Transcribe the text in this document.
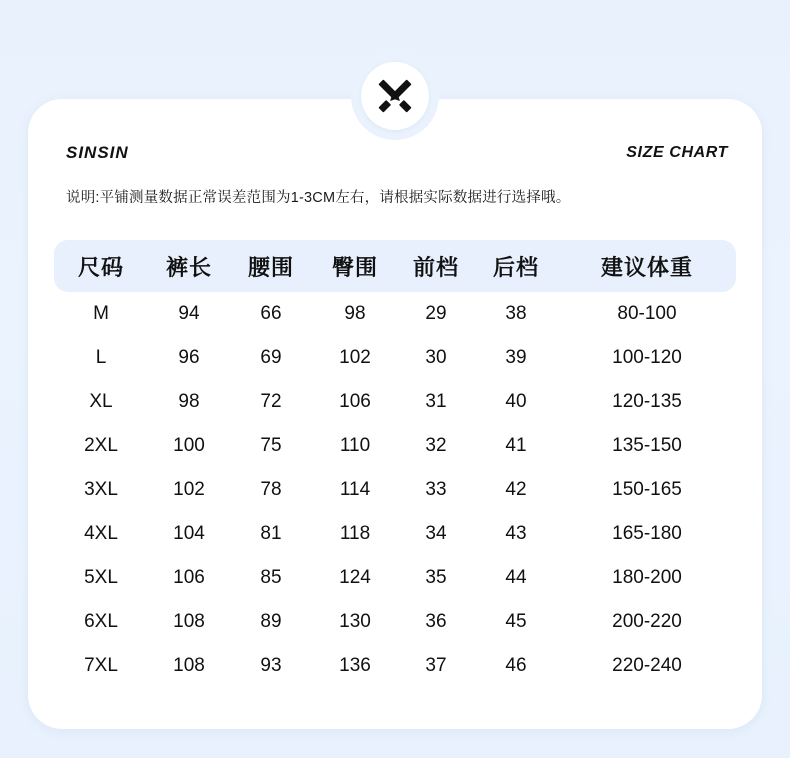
SINSIN	SIZE CHART
说明:平铺测量数据正常误差范围为1-3CM左右，请根据实际数据进行选择哦。
尺码	裤长	腰围	臀围	前档	后档	建议体重
M	94	66	98	29	38	80-100
L	96	69	102	30	39	100-120
XL	98	72	106	31	40	120-135
2XL	100	75	110	32	41	135-150
3XL	102	78	114	33	42	150-165
4XL	104	81	118	34	43	165-180
5XL	106	85	124	35	44	180-200
6XL	108	89	130	36	45	200-220
7XL	108	93	136	37	46	220-240
